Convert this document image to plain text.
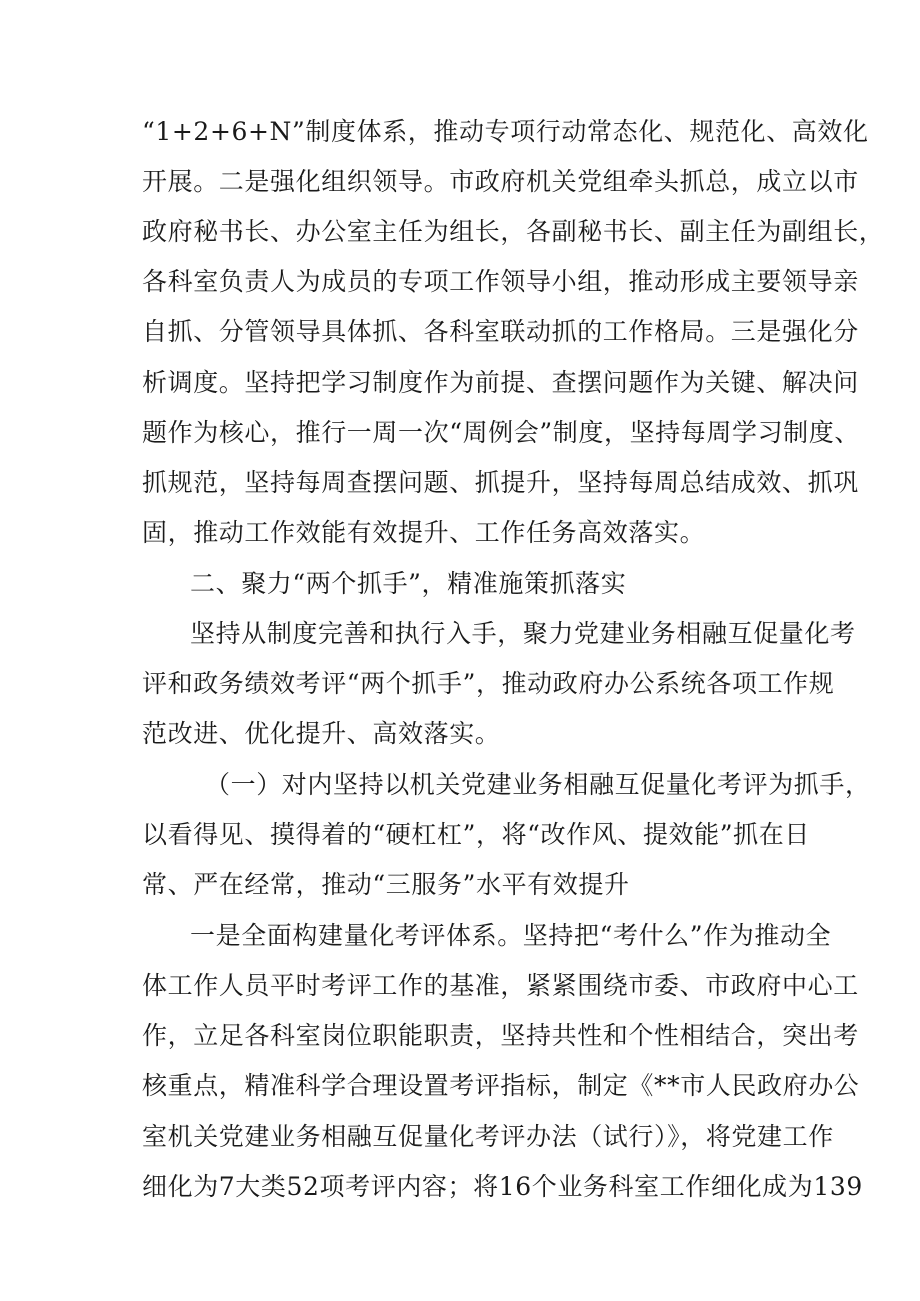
“1+2+6+N”制度体系，推动专项行动常态化、规范化、高效化
开展。二是强化组织领导。市政府机关党组牵头抓总，成立以市
政府秘书长、办公室主任为组长，各副秘书长、副主任为副组长，
各科室负责人为成员的专项工作领导小组，推动形成主要领导亲
自抓、分管领导具体抓、各科室联动抓的工作格局。三是强化分
析调度。坚持把学习制度作为前提、查摆问题作为关键、解决问
题作为核心，推行一周一次“周例会”制度，坚持每周学习制度、
抓规范，坚持每周查摆问题、抓提升，坚持每周总结成效、抓巩
固，推动工作效能有效提升、工作任务高效落实。
二、聚力“两个抓手”，精准施策抓落实
坚持从制度完善和执行入手，聚力党建业务相融互促量化考
评和政务绩效考评“两个抓手”，推动政府办公系统各项工作规
范改进、优化提升、高效落实。
（一）对内坚持以机关党建业务相融互促量化考评为抓手，
以看得见、摸得着的“硬杠杠”，将“改作风、提效能”抓在日
常、严在经常，推动“三服务”水平有效提升
一是全面构建量化考评体系。坚持把“考什么”作为推动全
体工作人员平时考评工作的基准，紧紧围绕市委、市政府中心工
作，立足各科室岗位职能职责，坚持共性和个性相结合，突出考
核重点，精准科学合理设置考评指标，制定《**市人民政府办公
室机关党建业务相融互促量化考评办法（试行）》，将党建工作
细化为7大类52项考评内容；将16个业务科室工作细化成为139
